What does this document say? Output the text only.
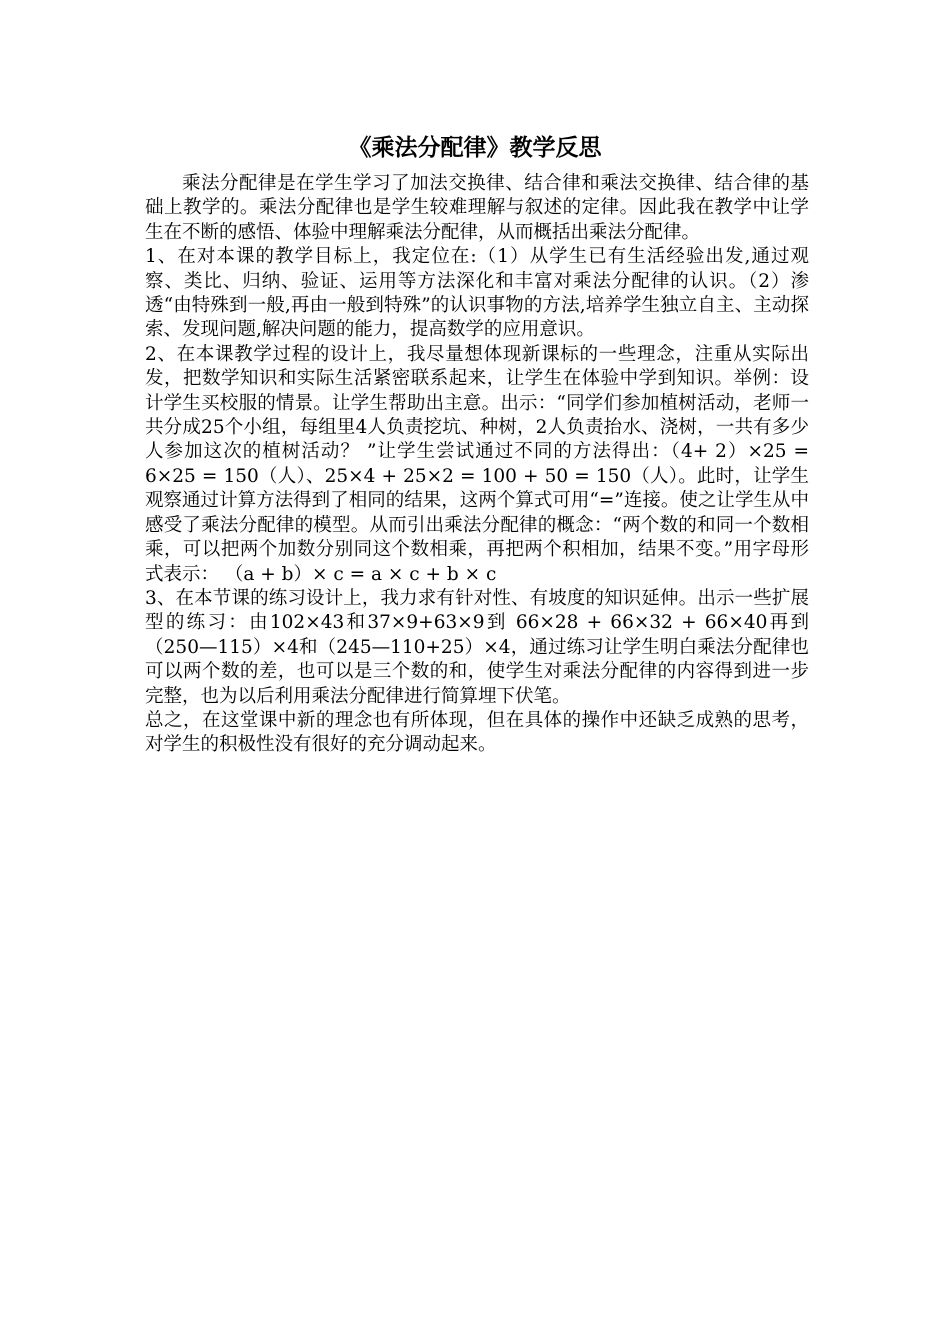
《乘法分配律》教学反思

乘法分配律是在学生学习了加法交换律、结合律和乘法交换律、结合律的基础上教学的。乘法分配律也是学生较难理解与叙述的定律。因此我在教学中让学生在不断的感悟、体验中理解乘法分配律，从而概括出乘法分配律。

1、在对本课的教学目标上，我定位在:（1）从学生已有生活经验出发,通过观察、类比、归纳、验证、运用等方法深化和丰富对乘法分配律的认识。（2）渗透“由特殊到一般,再由一般到特殊”的认识事物的方法,培养学生独立自主、主动探索、发现问题,解决问题的能力，提高数学的应用意识。

2、在本课教学过程的设计上，我尽量想体现新课标的一些理念，注重从实际出发，把数学知识和实际生活紧密联系起来，让学生在体验中学到知识。举例：设计学生买校服的情景。让学生帮助出主意。出示：“同学们参加植树活动，老师一共分成25个小组，每组里4人负责挖坑、种树，2人负责抬水、浇树，一共有多少人参加这次的植树活动？ ”让学生尝试通过不同的方法得出：（4+ 2）×25 = 6×25 = 150（人）、25×4 + 25×2 = 100 + 50 = 150（人）。此时，让学生观察通过计算方法得到了相同的结果，这两个算式可用“=”连接。使之让学生从中感受了乘法分配律的模型。从而引出乘法分配律的概念：“两个数的和同一个数相乘，可以把两个加数分别同这个数相乘，再把两个积相加，结果不变。”用字母形式表示： （a + b）× c = a × c + b × c

3、在本节课的练习设计上，我力求有针对性、有坡度的知识延伸。出示一些扩展型的练习：由102×43和37×9+63×9到 66×28 + 66×32 + 66×40再到（250—115）×4和（245—110+25）×4，通过练习让学生明白乘法分配律也可以两个数的差，也可以是三个数的和，使学生对乘法分配律的内容得到进一步完整，也为以后利用乘法分配律进行简算埋下伏笔。

总之，在这堂课中新的理念也有所体现，但在具体的操作中还缺乏成熟的思考，对学生的积极性没有很好的充分调动起来。
